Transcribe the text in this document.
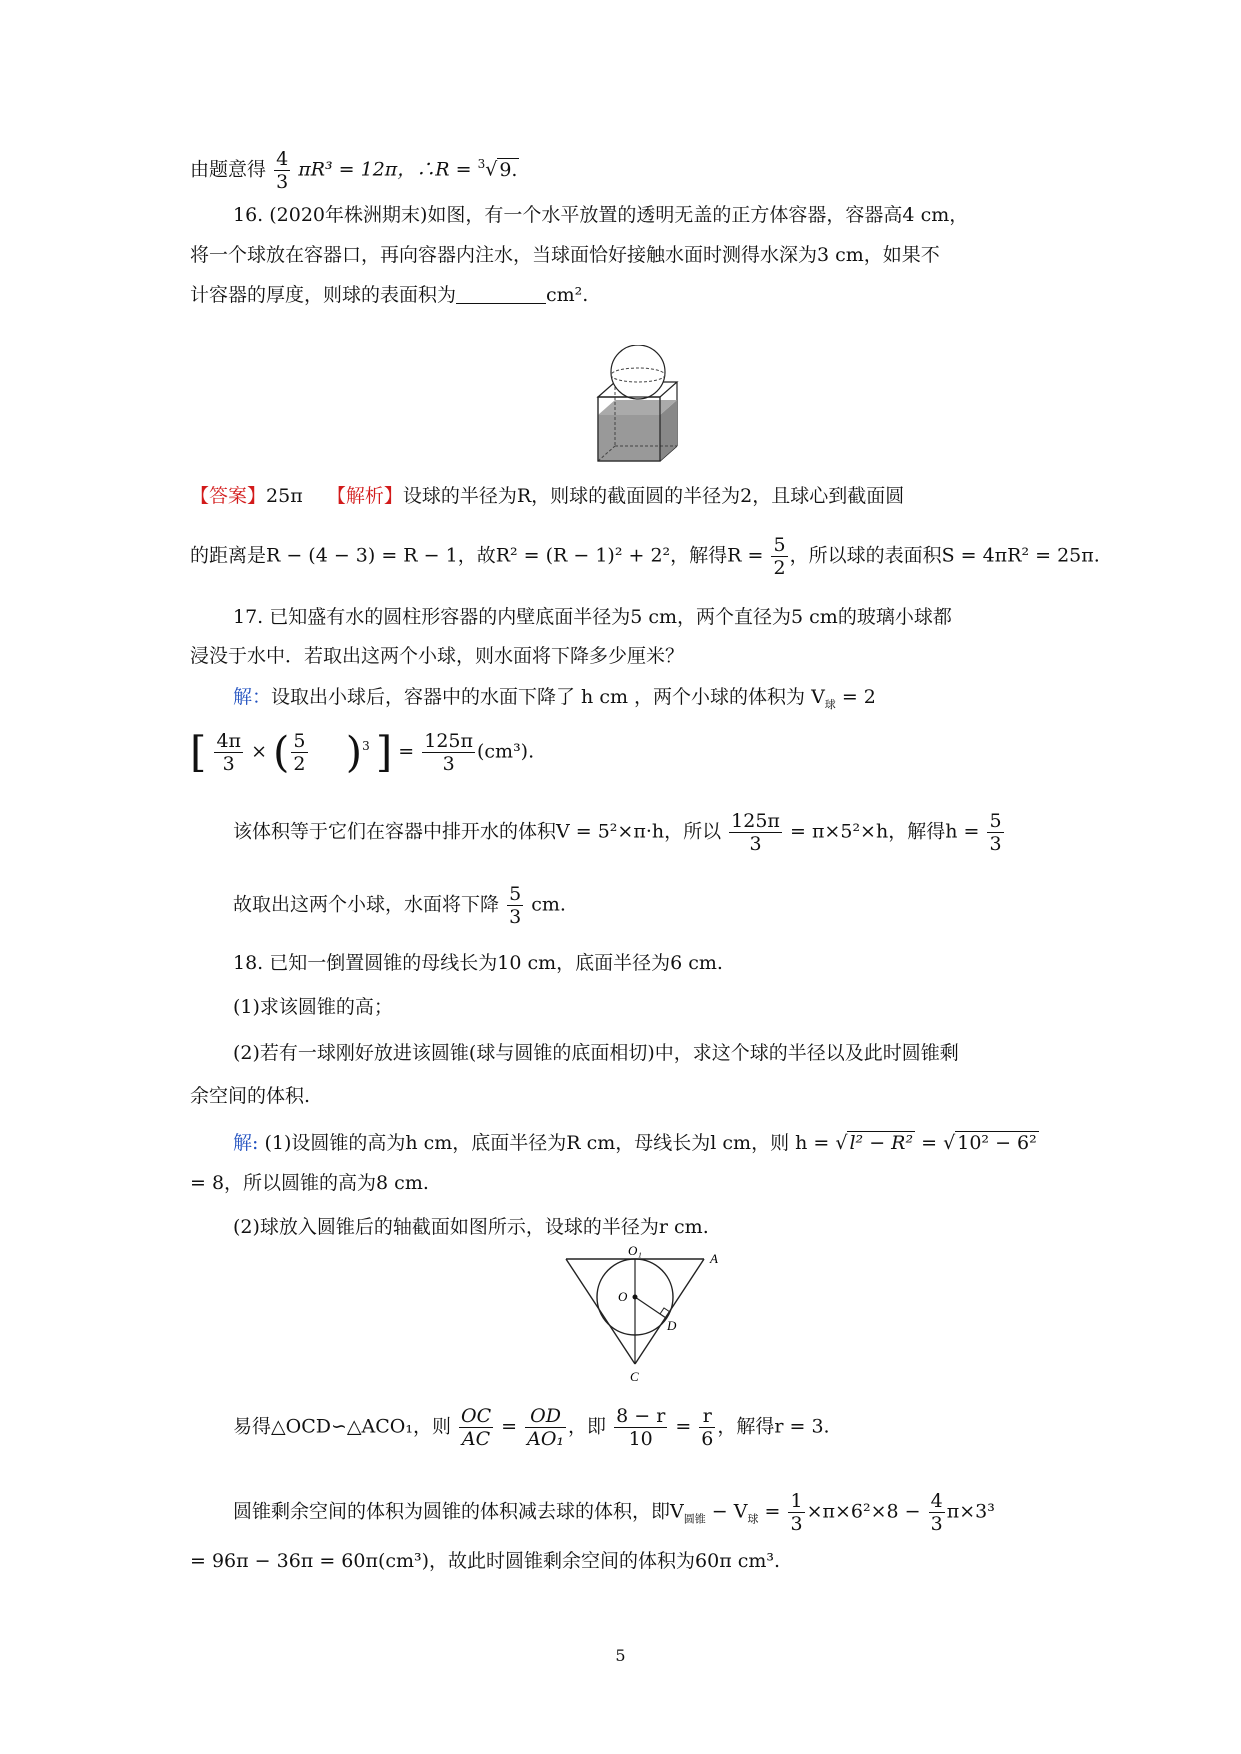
由题意得 $\frac{4}{3} \pi R^3 = 12\pi$，∴R = $^3$√ 9.
16. (2020年株洲期末)如图，有一个水平放置的透明无盖的正方体容器，容器高4 cm，
将一个球放在容器口，再向容器内注水，当球面恰好接触水面时测得水深为3 cm，如果不
计容器的厚度，则球的表面积为	cm².
【答案】25π 【解析】设球的半径为R，则球的截面圆的半径为2，且球心到截面圆
的距离是R − (4 − 3) = R − 1，故R² = (R − 1)² + 2²，解得$R = \frac{5}{2}$ ，所以球的表面积S = 4πR² = 25π.
17. 已知盛有水的圆柱形容器的内壁底面半径为5 cm，两个直径为5 cm的玻璃小球都
浸没于水中．若取出这两个小球，则水面将下降多少厘米？
解：设取出小球后，容器中的水面下降了 h cm ，两个小球的体积为 $V_球 = 2$
[ $\frac{4\pi}{3}$ × ( $\frac{5}{2} )^3$ ] = $\frac{125\pi}{3} (cm^3)$.
该体积等于它们在容器中排开水的体积V = 5²×π·h，所以 $\frac{125\pi}{3} = \pi\times 5^2\times h$，解得$h = \frac{5}{3}$
故取出这两个小球，水面将下降 $\frac{5}{3}$ cm.
18. 已知一倒置圆锥的母线长为10 cm，底面半径为6 cm.
(1)求该圆锥的高；
(2)若有一球刚好放进该圆锥(球与圆锥的底面相切)中，求这个球的半径以及此时圆锥剩
余空间的体积.
解: (1)设圆锥的高为h cm，底面半径为R cm，母线长为l cm，则 h = √ l² − R² = √ 10² − 6²
= 8，所以圆锥的高为8 cm.
(2)球放入圆锥后的轴截面如图所示，设球的半径为r cm.
O₁
A
O
D
C
易得△OCD∽△ACO₁，则 $\frac{OC}{AC} = \frac{OD}{\text{AO₁}}$ ，即 $\frac{8 - r}{10} = \frac{r}{6}$ ，解得r = 3.
圆锥剩余空间的体积为圆锥的体积减去球的体积，即$V_{圆锥} - V_球 = \frac{1}{3} \times\pi\times 6^2\times 8 - \frac{4}{3} \pi\times 3^3$
= 96π − 36π = 60π(cm³)，故此时圆锥剩余空间的体积为60π cm³.
5
